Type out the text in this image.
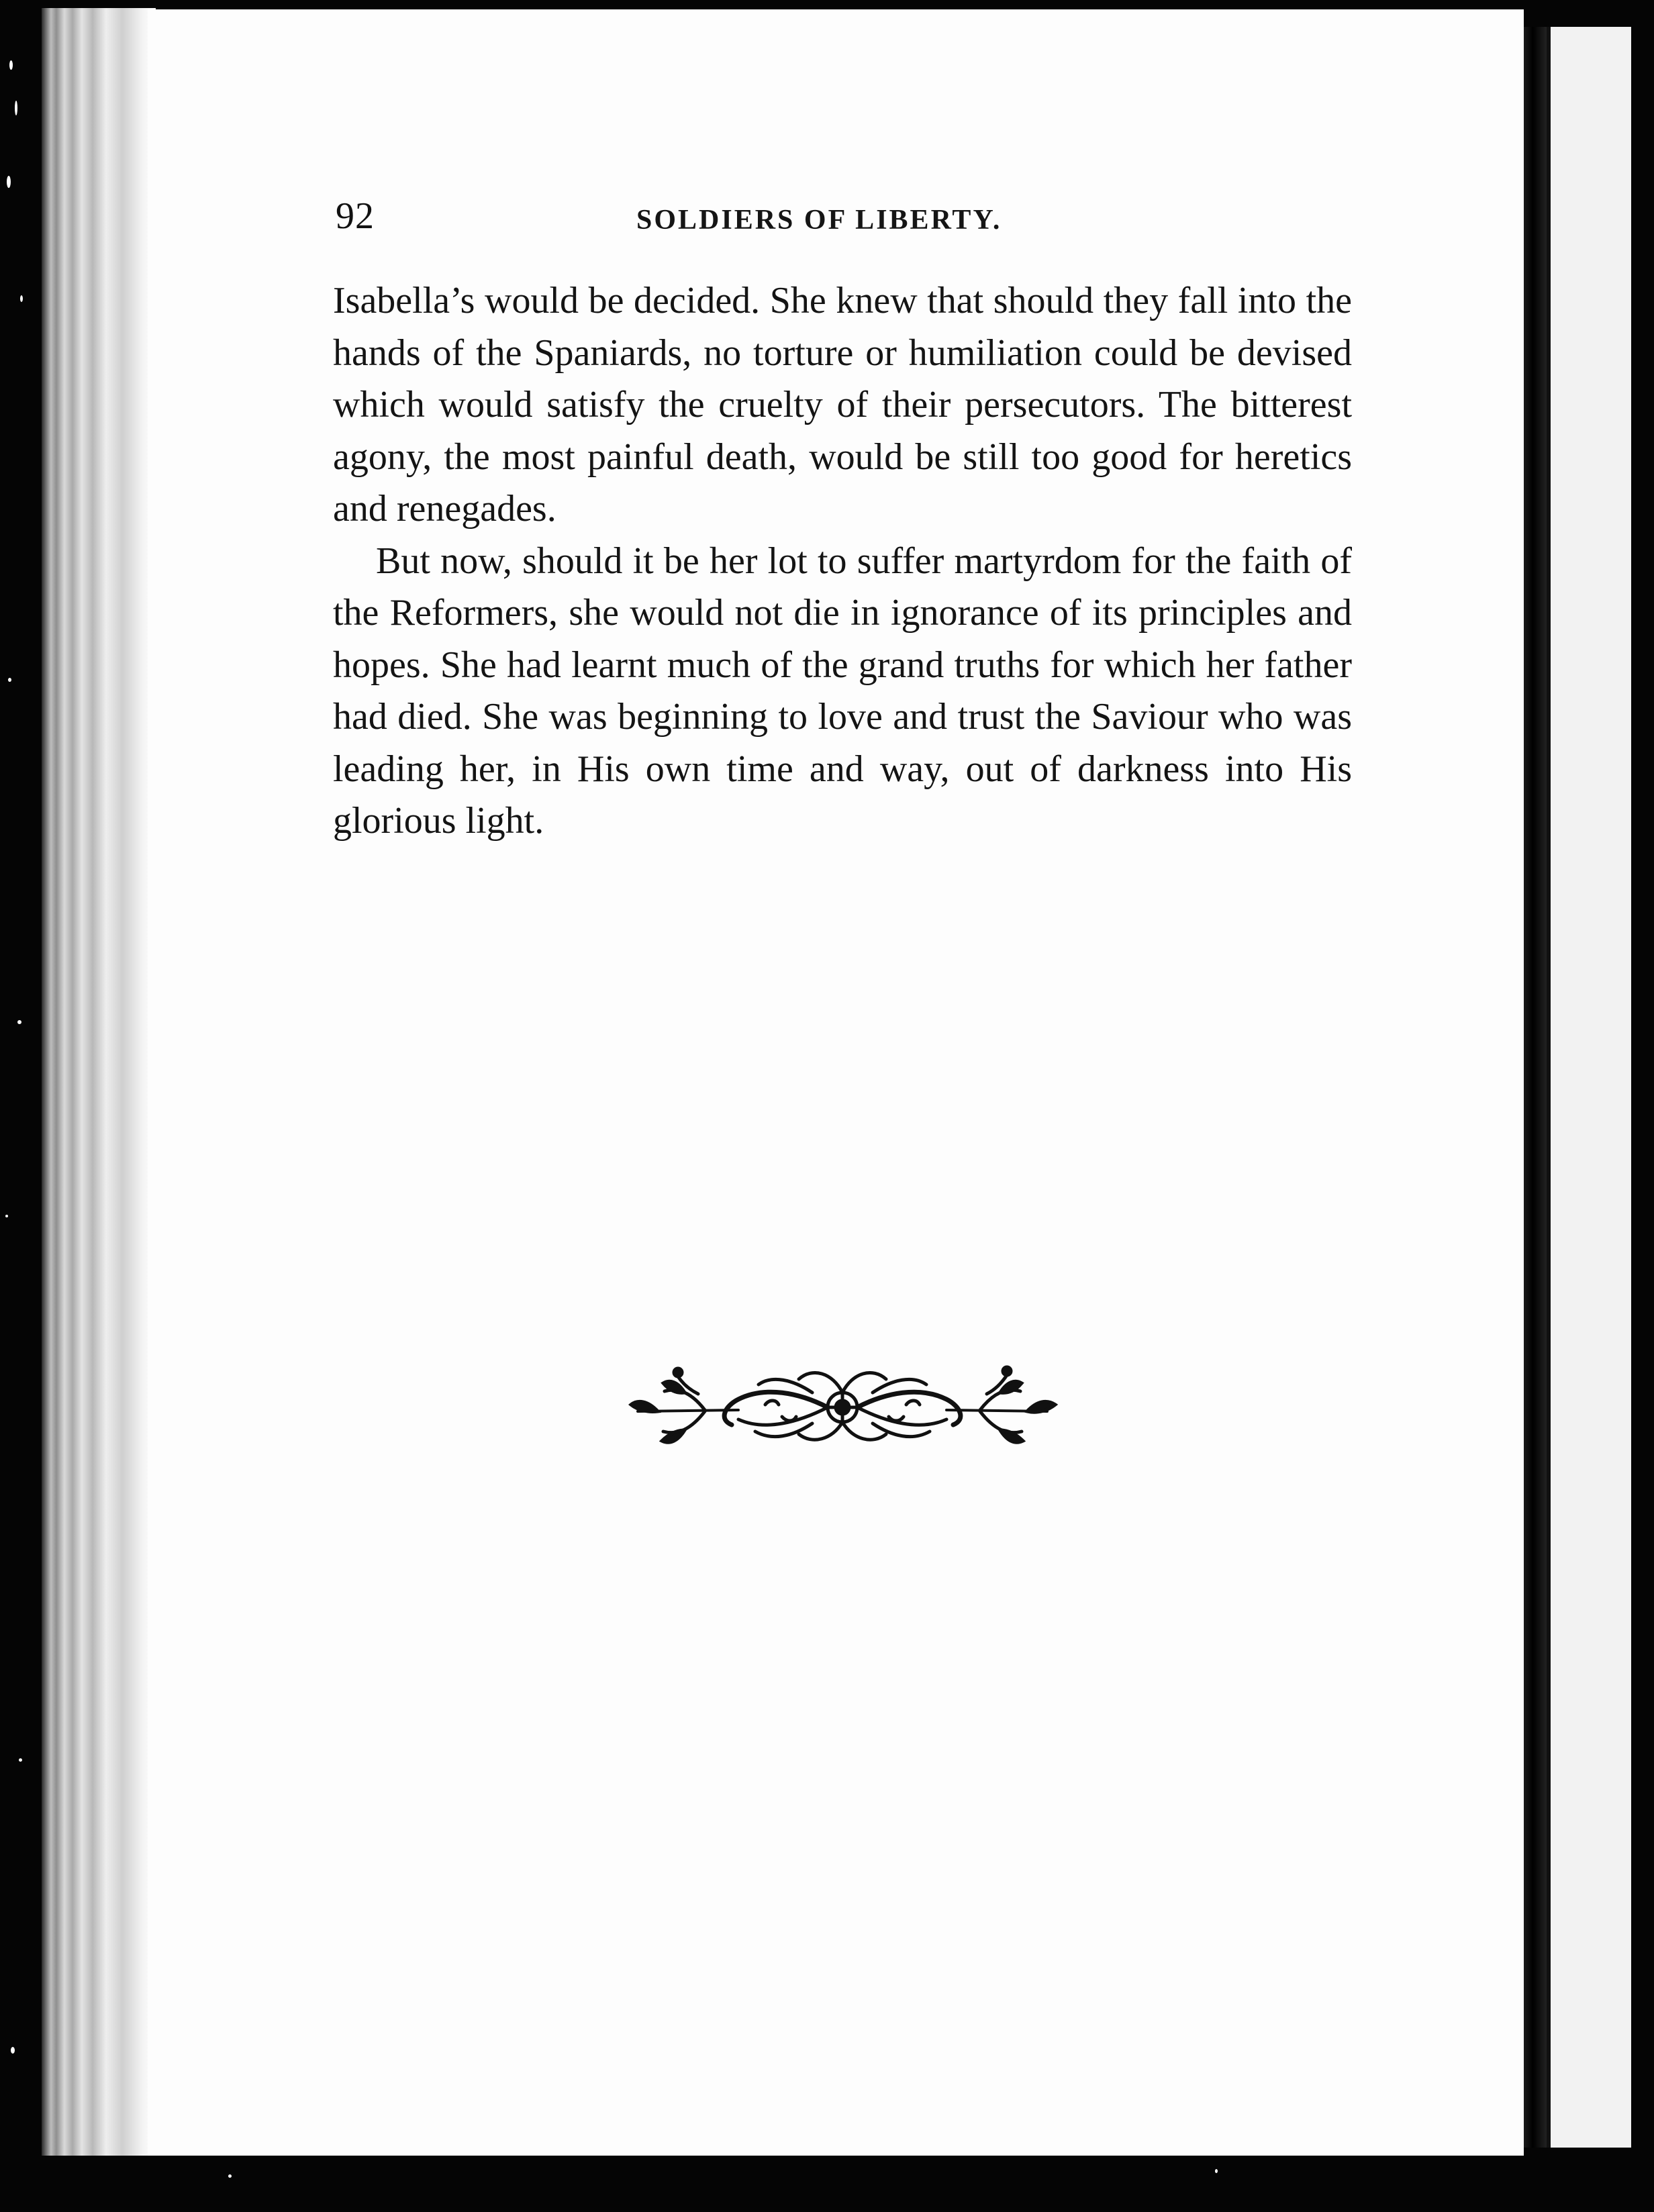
92	SOLDIERS OF LIBERTY.

Isabella’s would be decided. She knew that should they fall into the hands of the Spaniards, no torture or humiliation could be devised which would satisfy the cruelty of their persecutors. The bitterest agony, the most painful death, would be still too good for heretics and renegades.

But now, should it be her lot to suffer martyrdom for the faith of the Reformers, she would not die in ignorance of its principles and hopes. She had learnt much of the grand truths for which her father had died. She was beginning to love and trust the Saviour who was leading her, in His own time and way, out of darkness into His glorious light.
